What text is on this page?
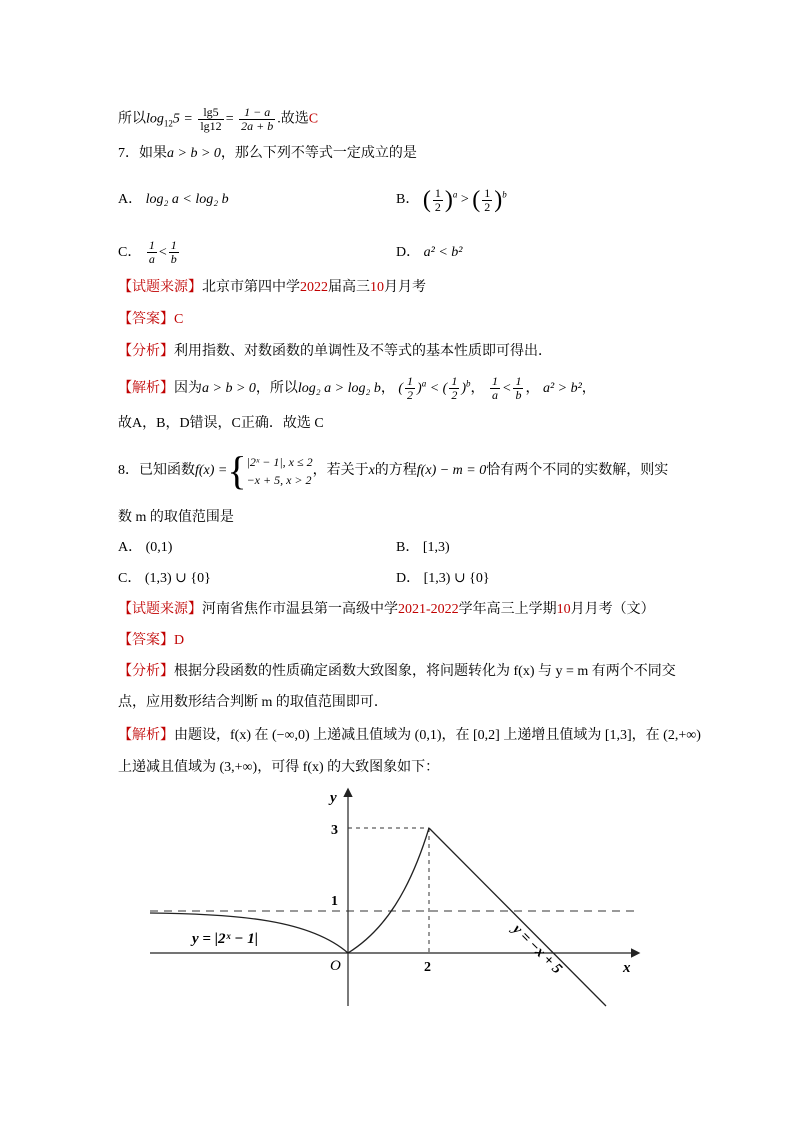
所以$\log_{12}5 = \frac{\lg 5}{\lg 12} = \frac{1 - a}{2a + b}$ .故选C
7．如果a > b > 0，那么下列不等式一定成立的是
A． log₂ a < log₂ b	B． ( $\frac{1}{2} )^a$ > ( $\frac{1}{2} )^b$
C． $\frac{1}{a} < \frac{1}{b}$	D． a² < b²
【试题来源】北京市第四中学2022届高三10月月考
【答案】C
【分析】利用指数、对数函数的单调性及不等式的基本性质即可得出．
【解析】因为a > b > 0，所以log₂ a > log₂ b， ( $\frac{1}{2} )^a$ < ( $\frac{1}{2} )^b$， $\frac{1}{a} < \frac{1}{b}$ ， a² > b²，
故A，B，D错误，C正确．故选 C
8．已知函数f(x) ={ |2ˣ − 1|, x ≤ 2
−x + 5, x > 2
，若关于x的方程f(x) − m = 0恰有两个不同的实数解，则实
数 m 的取值范围是
A． (0,1)	B． [1,3)
C． (1,3) ∪ {0}	D． [1,3) ∪ {0}
【试题来源】河南省焦作市温县第一高级中学2021-2022学年高三上学期10月月考（文）
【答案】D
【分析】根据分段函数的性质确定函数大致图象，将问题转化为 f(x) 与 y = m 有两个不同交
点，应用数形结合判断 m 的取值范围即可．
【解析】由题设，f(x) 在 (−∞,0) 上递减且值域为 (0,1)，在 [0,2] 上递增且值域为 [1,3]，在 (2,+∞)
上递减且值域为 (3,+∞)，可得 f(x) 的大致图象如下：
y
x
O
3
1
2
y = |2ˣ − 1|	y = −x + 5
